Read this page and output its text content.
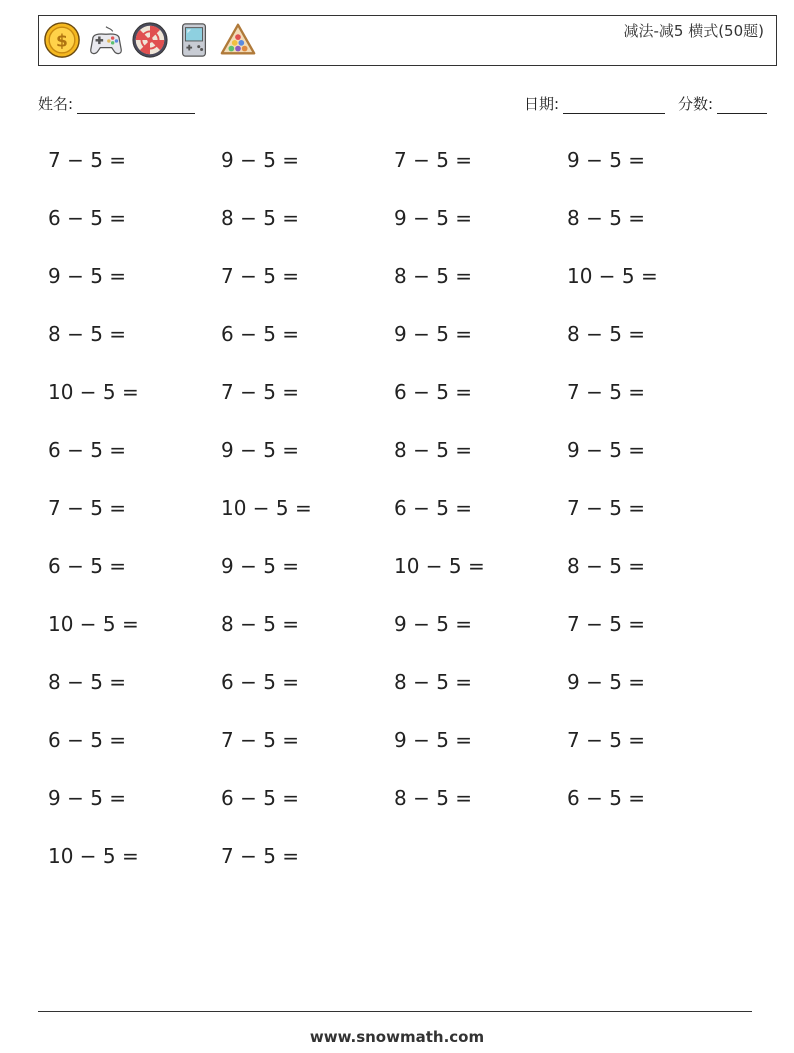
$
减法-减5 横式(50题)
姓名:	日期:	分数:
7 − 5 =	9 − 5 =	7 − 5 =	9 − 5 =
6 − 5 =	8 − 5 =	9 − 5 =	8 − 5 =
9 − 5 =	7 − 5 =	8 − 5 =	10 − 5 =
8 − 5 =	6 − 5 =	9 − 5 =	8 − 5 =
10 − 5 =	7 − 5 =	6 − 5 =	7 − 5 =
6 − 5 =	9 − 5 =	8 − 5 =	9 − 5 =
7 − 5 =	10 − 5 =	6 − 5 =	7 − 5 =
6 − 5 =	9 − 5 =	10 − 5 =	8 − 5 =
10 − 5 =	8 − 5 =	9 − 5 =	7 − 5 =
8 − 5 =	6 − 5 =	8 − 5 =	9 − 5 =
6 − 5 =	7 − 5 =	9 − 5 =	7 − 5 =
9 − 5 =	6 − 5 =	8 − 5 =	6 − 5 =
10 − 5 =	7 − 5 =
www.snowmath.com
